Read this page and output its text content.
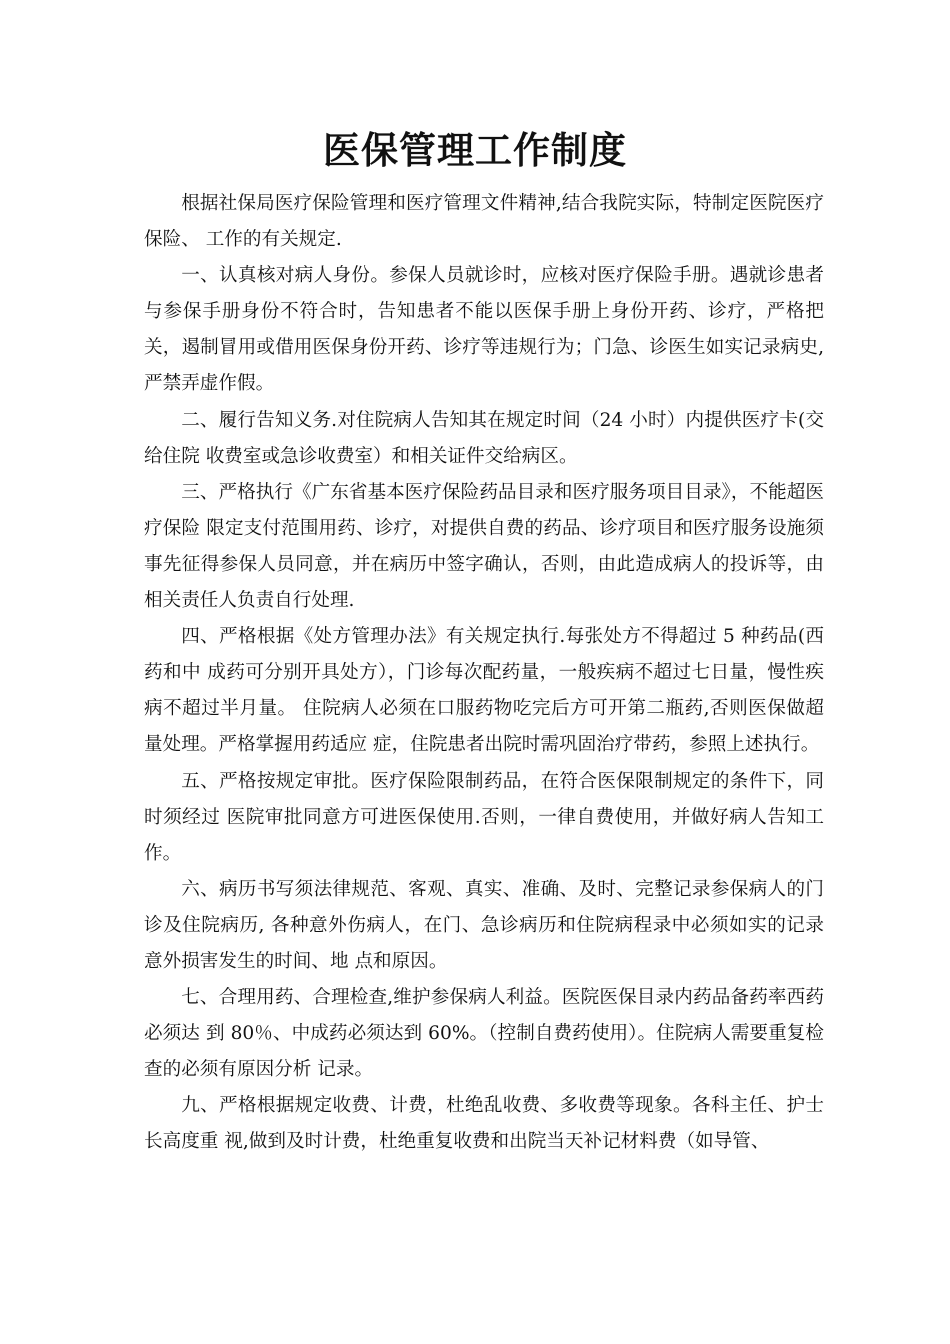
医保管理工作制度

根据社保局医疗保险管理和医疗管理文件精神,结合我院实际，特制定医院医疗保险、 工作的有关规定.

一、认真核对病人身份。参保人员就诊时，应核对医疗保险手册。遇就诊患者与参保手册身份不符合时，告知患者不能以医保手册上身份开药、诊疗，严格把关，遏制冒用或借用医保身份开药、诊疗等违规行为；门急、诊医生如实记录病史,严禁弄虚作假。

二、履行告知义务.对住院病人告知其在规定时间（24 小时）内提供医疗卡(交给住院 收费室或急诊收费室）和相关证件交给病区。

三、严格执行《广东省基本医疗保险药品目录和医疗服务项目目录》，不能超医疗保险 限定支付范围用药、诊疗，对提供自费的药品、诊疗项目和医疗服务设施须事先征得参保人员同意，并在病历中签字确认，否则，由此造成病人的投诉等，由相关责任人负责自行处理.

四、严格根据《处方管理办法》有关规定执行.每张处方不得超过 5 种药品(西药和中 成药可分别开具处方），门诊每次配药量，一般疾病不超过七日量，慢性疾病不超过半月量。 住院病人必须在口服药物吃完后方可开第二瓶药,否则医保做超量处理。严格掌握用药适应 症，住院患者出院时需巩固治疗带药，参照上述执行。

五、严格按规定审批。医疗保险限制药品，在符合医保限制规定的条件下，同时须经过 医院审批同意方可进医保使用.否则，一律自费使用，并做好病人告知工作。

六、病历书写须法律规范、客观、真实、准确、及时、完整记录参保病人的门诊及住院病历, 各种意外伤病人，在门、急诊病历和住院病程录中必须如实的记录意外损害发生的时间、地 点和原因。

七、合理用药、合理检查,维护参保病人利益。医院医保目录内药品备药率西药必须达 到 80％、中成药必须达到 60%。（控制自费药使用）。住院病人需要重复检查的必须有原因分析 记录。

九、严格根据规定收费、计费，杜绝乱收费、多收费等现象。各科主任、护士长高度重 视,做到及时计费，杜绝重复收费和出院当天补记材料费（如导管、
